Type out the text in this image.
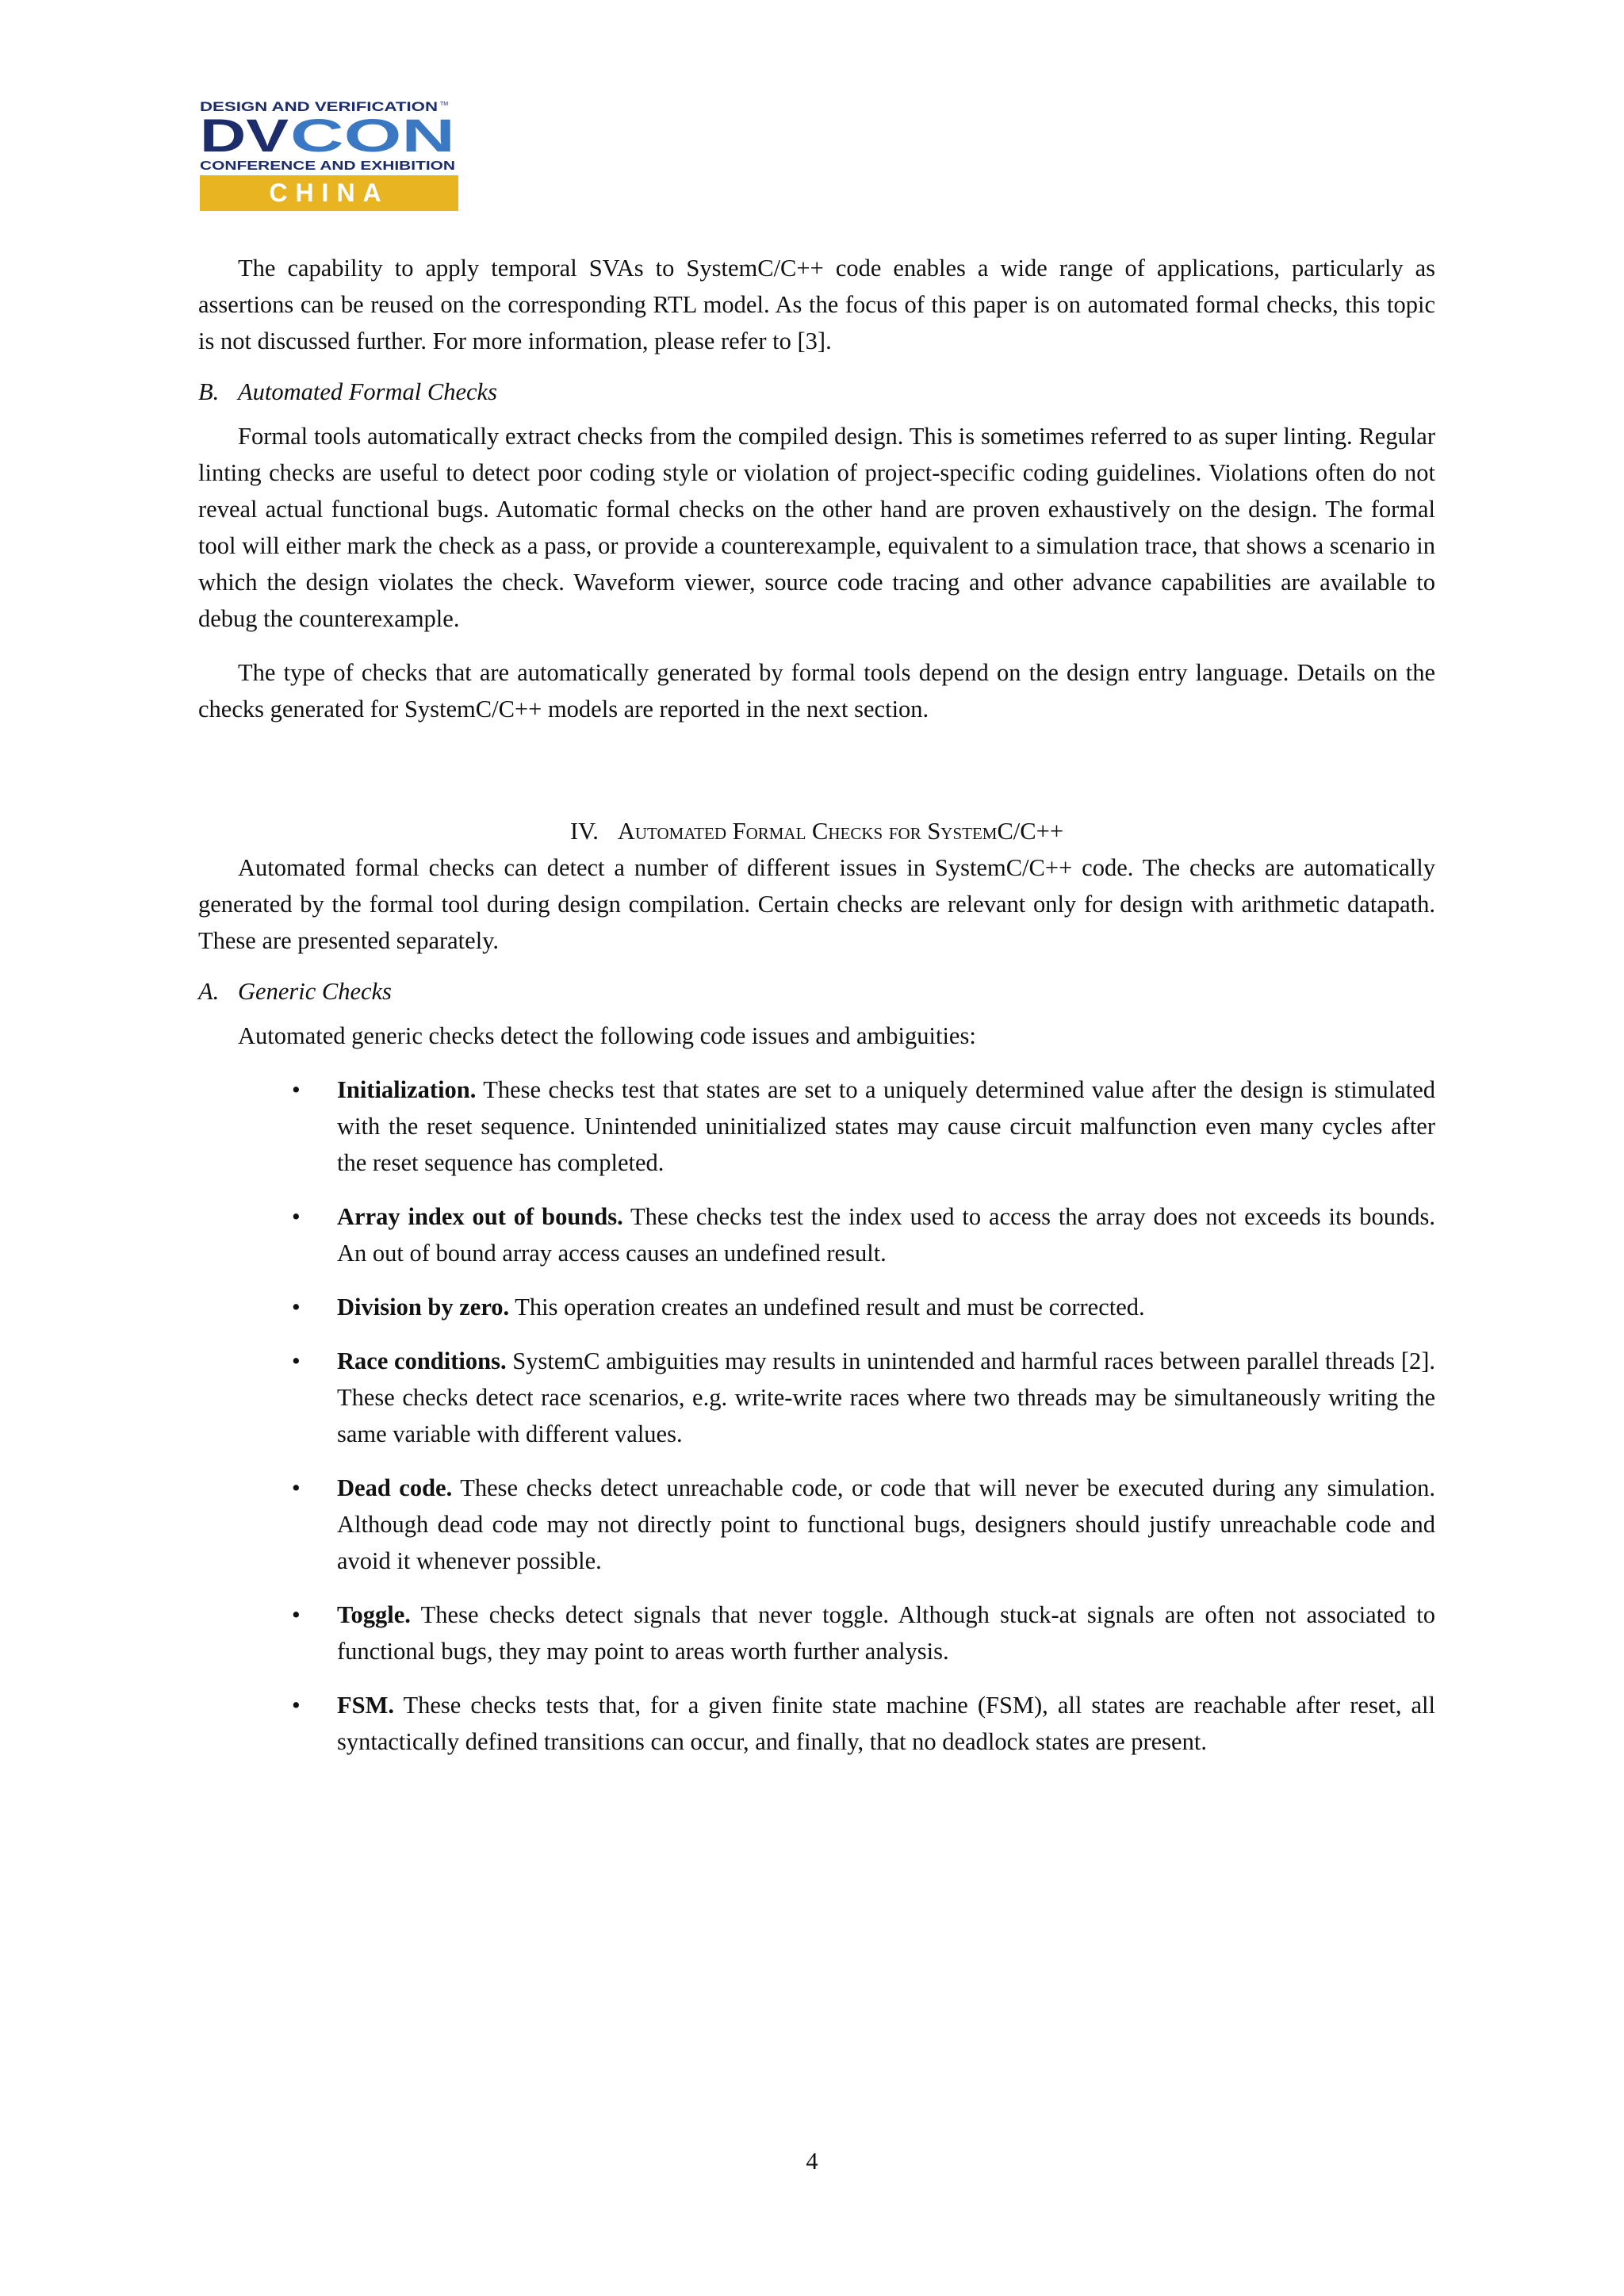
DESIGN AND VERIFICATION TM
DV CON
CONFERENCE AND EXHIBITION
CHINA

The capability to apply temporal SVAs to SystemC/C++ code enables a wide range of applications, particularly as assertions can be reused on the corresponding RTL model. As the focus of this paper is on automated formal checks, this topic is not discussed further. For more information, please refer to [3].

B. Automated Formal Checks

Formal tools automatically extract checks from the compiled design. This is sometimes referred to as super linting. Regular linting checks are useful to detect poor coding style or violation of project-specific coding guidelines. Violations often do not reveal actual functional bugs. Automatic formal checks on the other hand are proven exhaustively on the design. The formal tool will either mark the check as a pass, or provide a counterexample, equivalent to a simulation trace, that shows a scenario in which the design violates the check. Waveform viewer, source code tracing and other advance capabilities are available to debug the counterexample.

The type of checks that are automatically generated by formal tools depend on the design entry language. Details on the checks generated for SystemC/C++ models are reported in the next section.

IV. Automated Formal Checks for SystemC/C++

Automated formal checks can detect a number of different issues in SystemC/C++ code. The checks are automatically generated by the formal tool during design compilation. Certain checks are relevant only for design with arithmetic datapath. These are presented separately.

A. Generic Checks

Automated generic checks detect the following code issues and ambiguities:

•	Initialization. These checks test that states are set to a uniquely determined value after the design is stimulated with the reset sequence. Unintended uninitialized states may cause circuit malfunction even many cycles after the reset sequence has completed.
•	Array index out of bounds. These checks test the index used to access the array does not exceeds its bounds. An out of bound array access causes an undefined result.
•	Division by zero. This operation creates an undefined result and must be corrected.
•	Race conditions. SystemC ambiguities may results in unintended and harmful races between parallel threads [2]. These checks detect race scenarios, e.g. write-write races where two threads may be simultaneously writing the same variable with different values.
•	Dead code. These checks detect unreachable code, or code that will never be executed during any simulation. Although dead code may not directly point to functional bugs, designers should justify unreachable code and avoid it whenever possible.
•	Toggle. These checks detect signals that never toggle. Although stuck-at signals are often not associated to functional bugs, they may point to areas worth further analysis.
•	FSM. These checks tests that, for a given finite state machine (FSM), all states are reachable after reset, all syntactically defined transitions can occur, and finally, that no deadlock states are present.
4
